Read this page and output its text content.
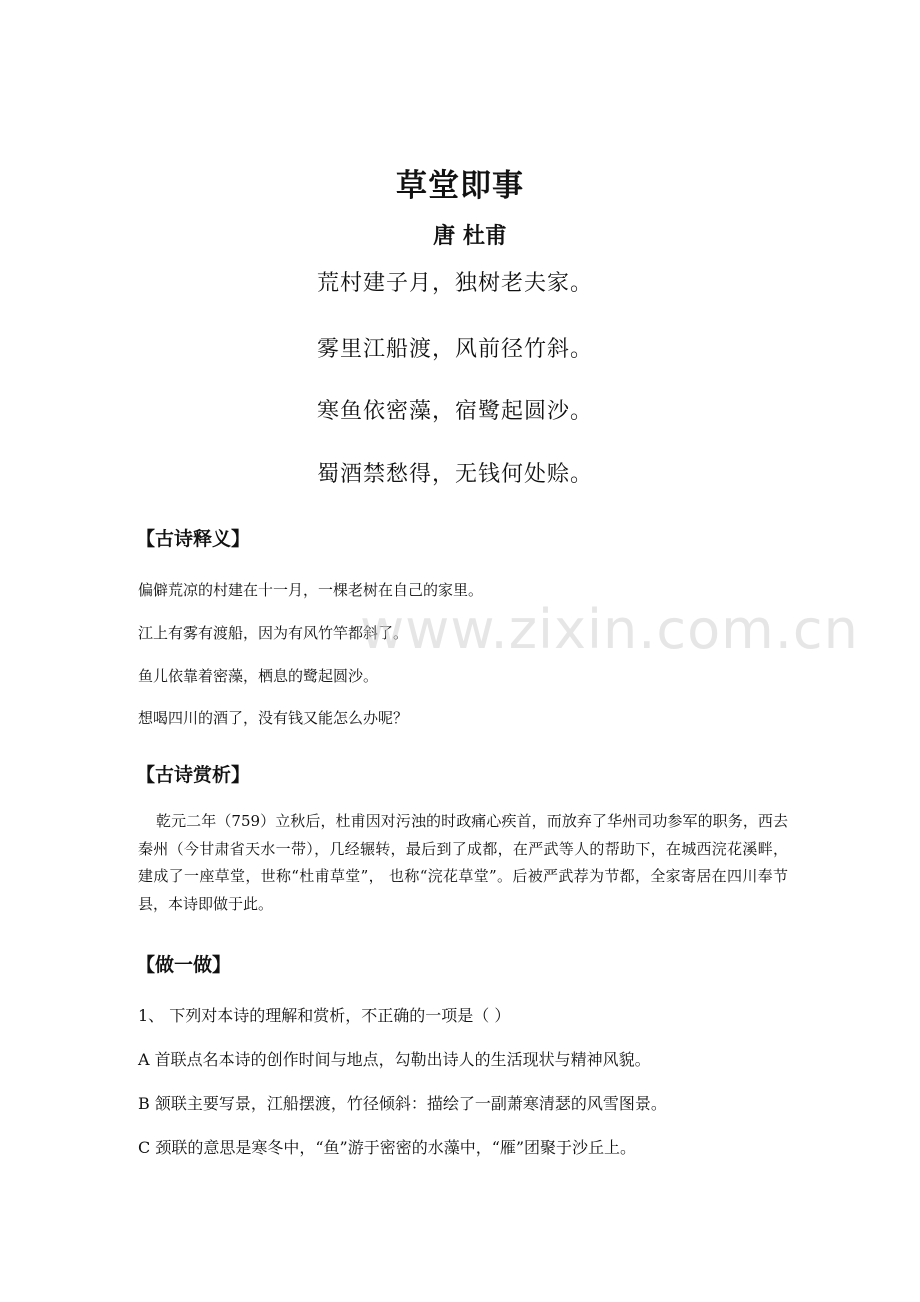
草堂即事
唐 杜甫
荒村建子月，独树老夫家。
雾里江船渡，风前径竹斜。
寒鱼依密藻，宿鹭起圆沙。
蜀酒禁愁得，无钱何处赊。
【古诗释义】
偏僻荒凉的村建在十一月，一棵老树在自己的家里。
江上有雾有渡船，因为有风竹竿都斜了。
鱼儿依靠着密藻，栖息的鹭起圆沙。
想喝四川的酒了，没有钱又能怎么办呢？
【古诗赏析】
乾元二年（759）立秋后，杜甫因对污浊的时政痛心疾首，而放弃了华州司功参军的职务，西去秦州（今甘肃省天水一带），几经辗转，最后到了成都，在严武等人的帮助下，在城西浣花溪畔，建成了一座草堂，世称“杜甫草堂”， 也称“浣花草堂”。后被严武荐为节都，全家寄居在四川奉节县，本诗即做于此。
【做一做】
1、 下列对本诗的理解和赏析，不正确的一项是（ ）
A 首联点名本诗的创作时间与地点，勾勒出诗人的生活现状与精神风貌。
B 颔联主要写景，江船摆渡，竹径倾斜：描绘了一副萧寒清瑟的风雪图景。
C 颈联的意思是寒冬中，“鱼”游于密密的水藻中，“雁”团聚于沙丘上。
www.zixin.com.cn
